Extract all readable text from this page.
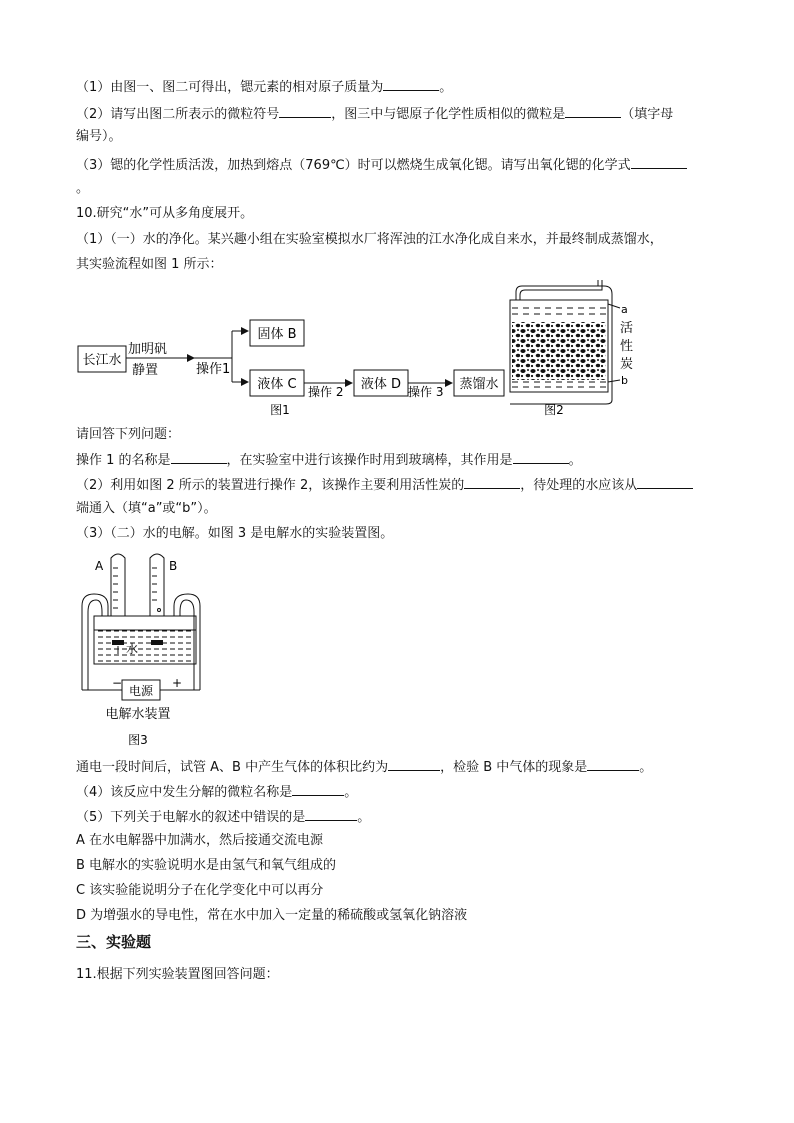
（1）由图一、图二可得出，锶元素的相对原子质量为	。
（2）请写出图二所表示的微粒符号	，图三中与锶原子化学性质相似的微粒是	（填字母
编号）。
（3）锶的化学性质活泼，加热到熔点（769℃）时可以燃烧生成氧化锶。请写出氧化锶的化学式
。
10.研究“水”可从多角度展开。
（1）（一）水的净化。某兴趣小组在实验室模拟水厂将浑浊的江水净化成自来水，并最终制成蒸馏水，
其实验流程如图 1 所示：
长江水
加明矾
静置	操作1
固体 B
液体 C 操作 2 液体 D 操作 3 蒸馏水
图1
a
活
性
炭
b
图2
请回答下列问题：
操作 1 的名称是	，在实验室中进行该操作时用到玻璃棒，其作用是	。
（2）利用如图 2 所示的装置进行操作 2，该操作主要利用活性炭的	，待处理的水应该从
端通入（填“a”或“b”）。
（3）（二）水的电解。如图 3 是电解水的实验装置图。
A	B
水
电源
−	+
电解水装置
图3
通电一段时间后，试管 A、B 中产生气体的体积比约为	，检验 B 中气体的现象是	。
（4）该反应中发生分解的微粒名称是	。
（5）下列关于电解水的叙述中错误的是	。
A 在水电解器中加满水，然后接通交流电源
B 电解水的实验说明水是由氢气和氧气组成的
C 该实验能说明分子在化学变化中可以再分
D 为增强水的导电性，常在水中加入一定量的稀硫酸或氢氧化钠溶液
三、实验题
11.根据下列实验装置图回答问题：
